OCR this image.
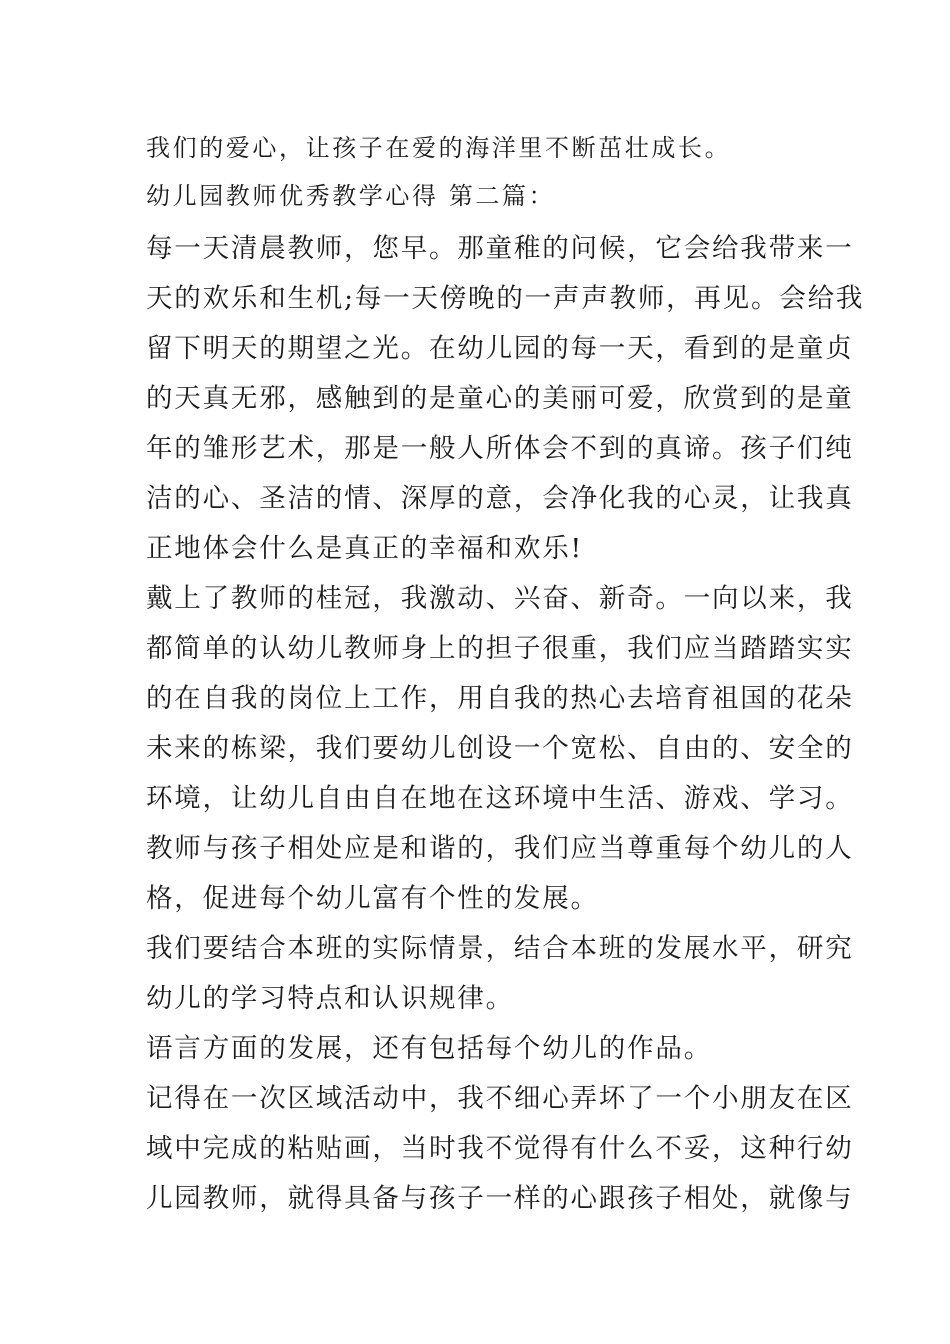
我们的爱心，让孩子在爱的海洋里不断茁壮成长。
幼儿园教师优秀教学心得 第二篇：
每一天清晨教师，您早。那童稚的问候，它会给我带来一
天的欢乐和生机;每一天傍晚的一声声教师，再见。会给我
留下明天的期望之光。在幼儿园的每一天，看到的是童贞
的天真无邪，感触到的是童心的美丽可爱，欣赏到的是童
年的雏形艺术，那是一般人所体会不到的真谛。孩子们纯
洁的心、圣洁的情、深厚的意，会净化我的心灵，让我真
正地体会什么是真正的幸福和欢乐!
戴上了教师的桂冠，我激动、兴奋、新奇。一向以来，我
都简单的认幼儿教师身上的担子很重，我们应当踏踏实实
的在自我的岗位上工作，用自我的热心去培育祖国的花朵
未来的栋梁，我们要幼儿创设一个宽松、自由的、安全的
环境，让幼儿自由自在地在这环境中生活、游戏、学习。
教师与孩子相处应是和谐的，我们应当尊重每个幼儿的人
格，促进每个幼儿富有个性的发展。
我们要结合本班的实际情景，结合本班的发展水平，研究
幼儿的学习特点和认识规律。
语言方面的发展，还有包括每个幼儿的作品。
记得在一次区域活动中，我不细心弄坏了一个小朋友在区
域中完成的粘贴画，当时我不觉得有什么不妥，这种行幼
儿园教师，就得具备与孩子一样的心跟孩子相处，就像与
